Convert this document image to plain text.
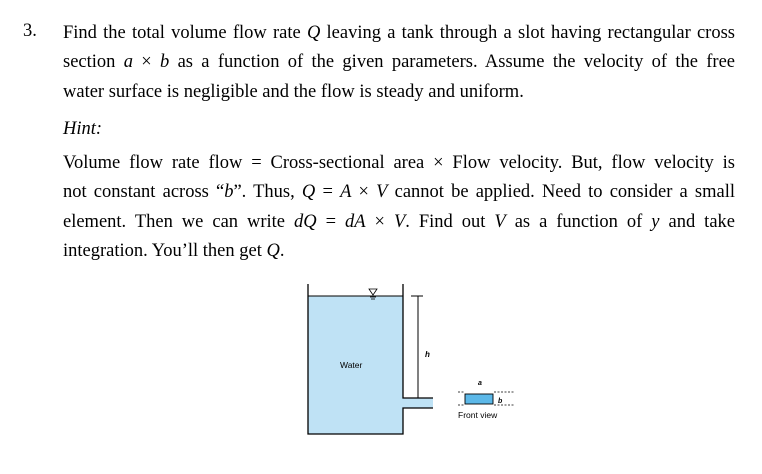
3. Find the total volume flow rate Q leaving a tank through a slot having rectangular cross
section a × b as a function of the given parameters. Assume the velocity of the free
water surface is negligible and the flow is steady and uniform.
Hint:
Volume flow rate flow = Cross-sectional area × Flow velocity. But, flow velocity is
not constant across “b”. Thus, Q = A × V cannot be applied. Need to consider a small
element. Then we can write dQ = dA × V. Find out V as a function of y and take
integration. You’ll then get Q.
h
Water
a
b
Front view
